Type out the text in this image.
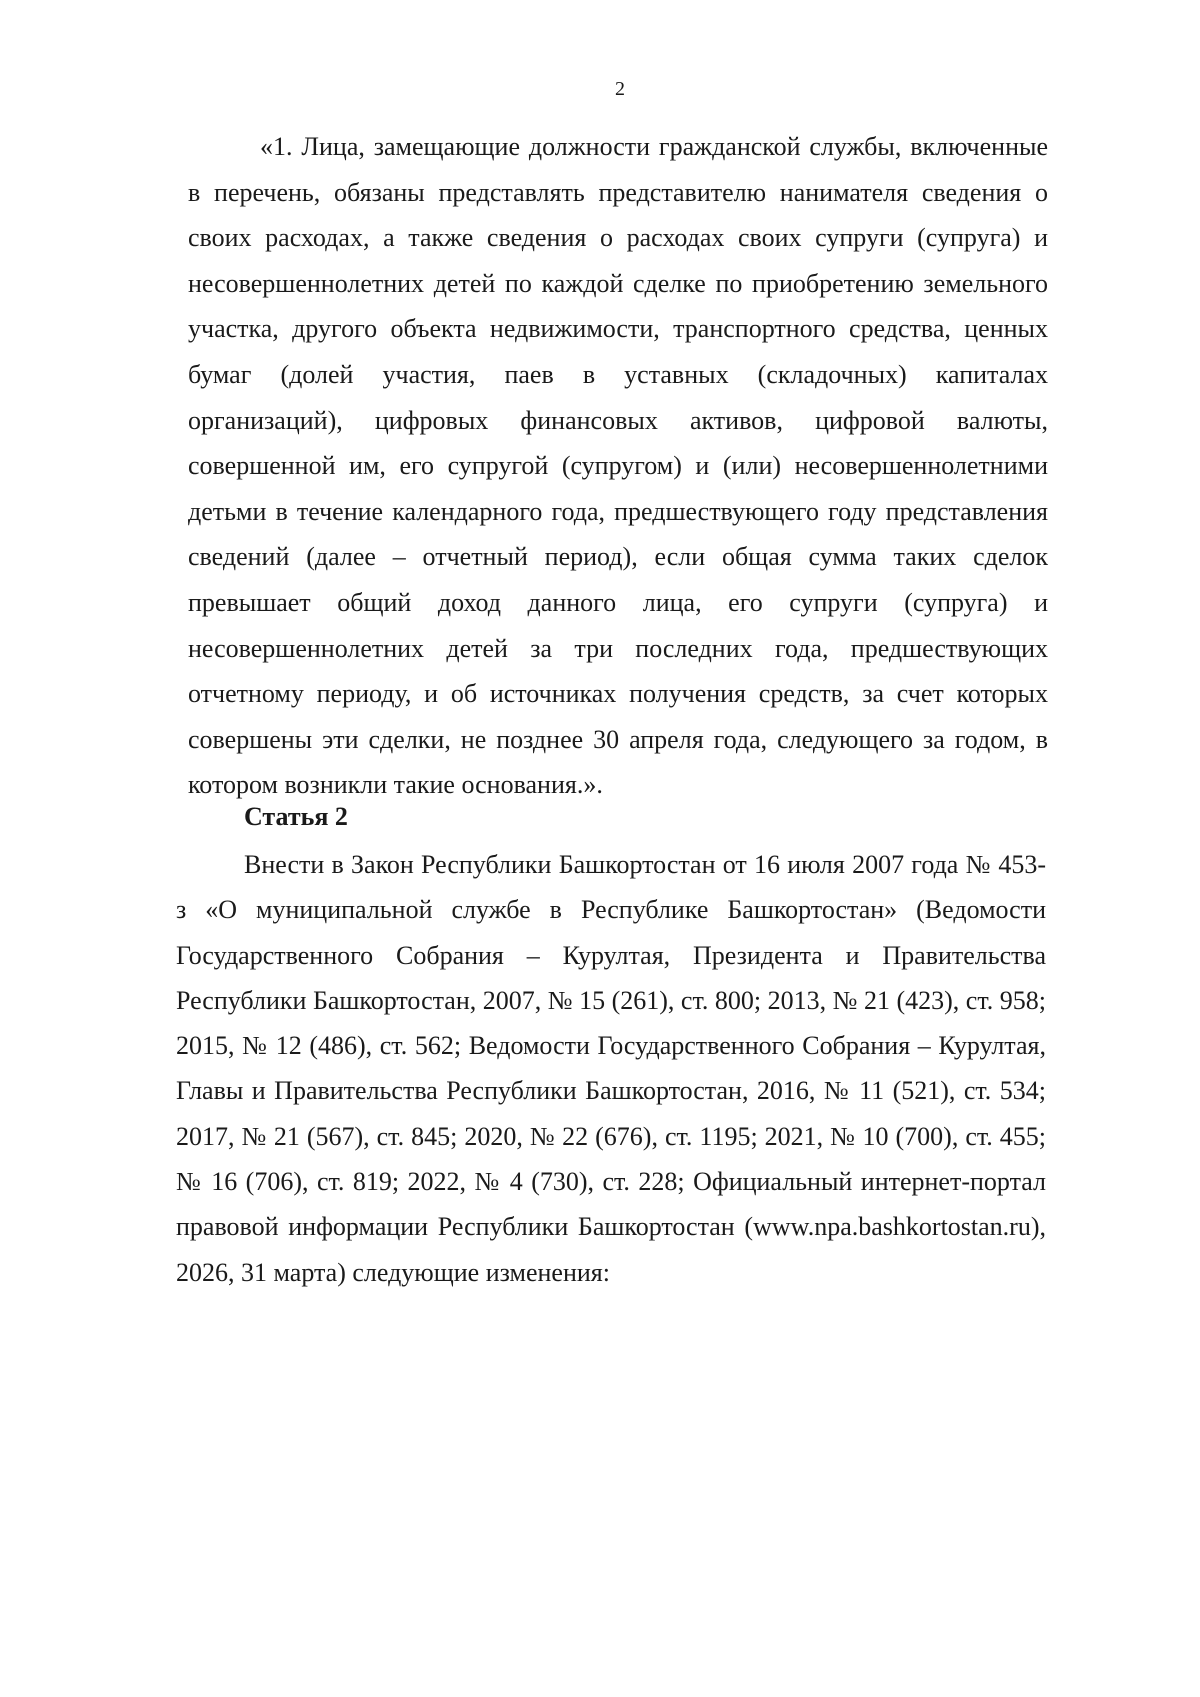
2

«1. Лица, замещающие должности гражданской службы, включенные в перечень, обязаны представлять представителю нанимателя сведения о своих расходах, а также сведения о расходах своих супруги (супруга) и несовершеннолетних детей по каждой сделке по приобретению земельного участка, другого объекта недвижимости, транспортного средства, ценных бумаг (долей участия, паев в уставных (складочных) капиталах организаций), цифровых финансовых активов, цифровой валюты, совершенной им, его супругой (супругом) и (или) несовершеннолетними детьми в течение календарного года, предшествующего году представления сведений (далее – отчетный период), если общая сумма таких сделок превышает общий доход данного лица, его супруги (супруга) и несовершеннолетних детей за три последних года, предшествующих отчетному периоду, и об источниках получения средств, за счет которых совершены эти сделки, не позднее 30 апреля года, следующего за годом, в котором возникли такие основания.».

Статья 2

Внести в Закон Республики Башкортостан от 16 июля 2007 года № 453-з «О муниципальной службе в Республике Башкортостан» (Ведомости Государственного Собрания – Курултая, Президента и Правительства Республики Башкортостан, 2007, № 15 (261), ст. 800; 2013, № 21 (423), ст. 958; 2015, № 12 (486), ст. 562; Ведомости Государственного Собрания – Курултая, Главы и Правительства Республики Башкортостан, 2016, № 11 (521), ст. 534; 2017, № 21 (567), ст. 845; 2020, № 22 (676), ст. 1195; 2021, № 10 (700), ст. 455; № 16 (706), ст. 819; 2022, № 4 (730), ст. 228; Официальный интернет-портал правовой информации Республики Башкортостан (www.npa.bashkortostan.ru), 2026, 31 марта) следующие изменения:
